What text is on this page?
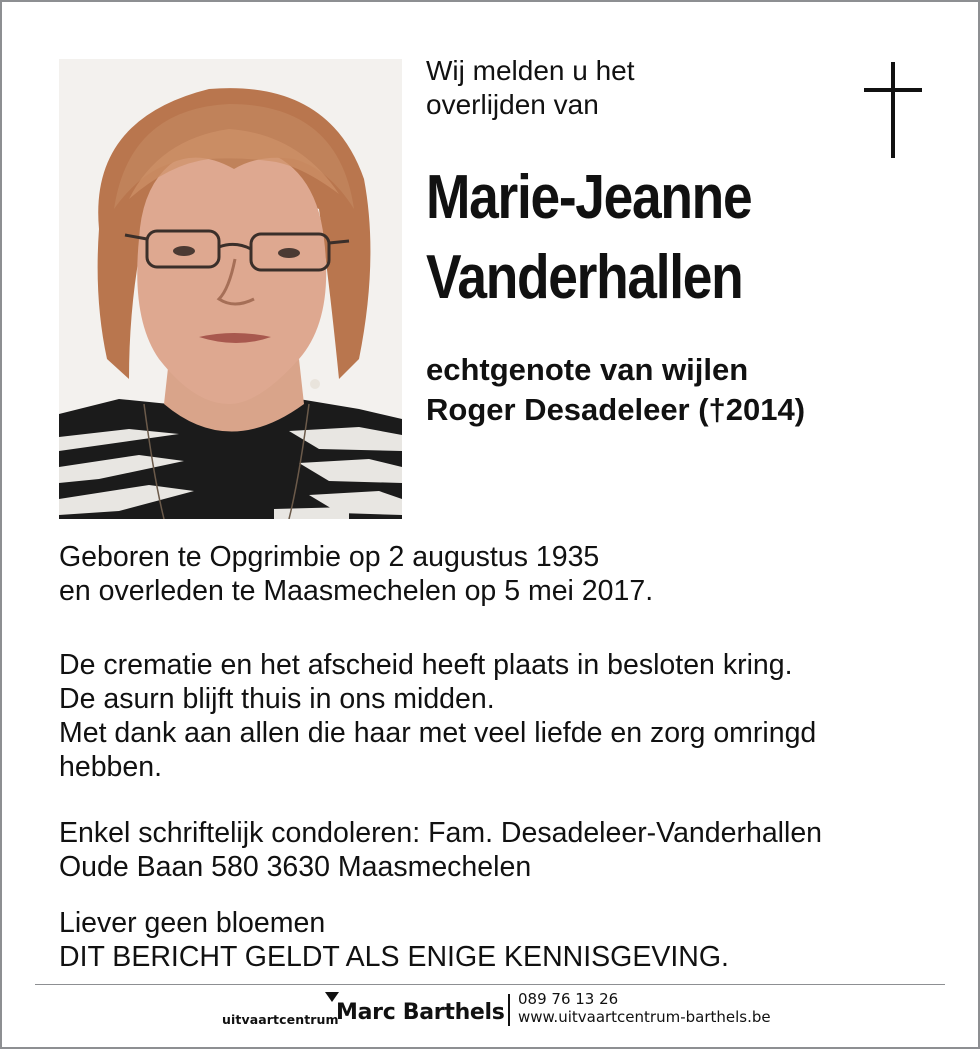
Wij melden u het
overlijden van
Marie-Jeanne
Vanderhallen
echtgenote van wijlen
Roger Desadeleer (†2014)
Geboren te Opgrimbie op 2 augustus 1935
en overleden te Maasmechelen op 5 mei 2017.
De crematie en het afscheid heeft plaats in besloten kring.
De asurn blijft thuis in ons midden.
Met dank aan allen die haar met veel liefde en zorg omringd
hebben.
Enkel schriftelijk condoleren: Fam. Desadeleer-Vanderhallen
Oude Baan 580 3630 Maasmechelen
Liever geen bloemen
DIT BERICHT GELDT ALS ENIGE KENNISGEVING.
uitvaartcentrum
Marc Barthels
089 76 13 26
www.uitvaartcentrum-barthels.be
